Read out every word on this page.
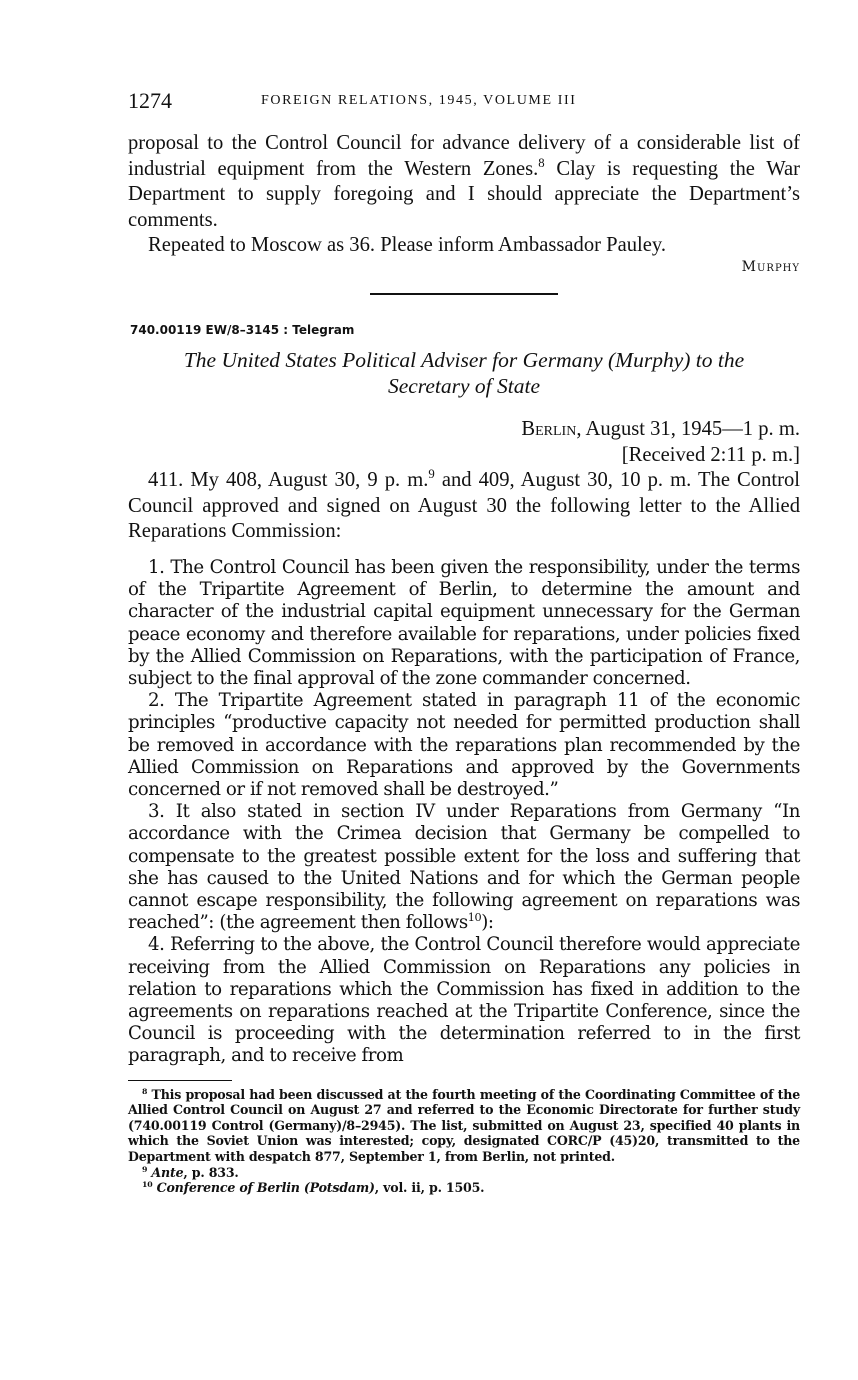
1274	FOREIGN RELATIONS, 1945, VOLUME III

proposal to the Control Council for advance delivery of a considerable list of industrial equipment from the Western Zones.$^8$ Clay is requesting the War Department to supply foregoing and I should appreciate the Department’s comments.

Repeated to Moscow as 36. Please inform Ambassador Pauley.

Murphy

740.00119 EW/8–3145 : Telegram

The United States Political Adviser for Germany (Murphy) to the
Secretary of State

Berlin, August 31, 1945—1 p. m.
[Received 2:11 p. m.]

411. My 408, August 30, 9 p. m.$^9$ and 409, August 30, 10 p. m. The Control Council approved and signed on August 30 the following letter to the Allied Reparations Commission:

1. The Control Council has been given the responsibility, under the terms of the Tripartite Agreement of Berlin, to determine the amount and character of the industrial capital equipment unnecessary for the German peace economy and therefore available for reparations, under policies fixed by the Allied Commission on Reparations, with the participation of France, subject to the final approval of the zone commander concerned.

2. The Tripartite Agreement stated in paragraph 11 of the economic principles “productive capacity not needed for permitted production shall be removed in accordance with the reparations plan recommended by the Allied Commission on Reparations and approved by the Governments concerned or if not removed shall be destroyed.”

3. It also stated in section IV under Reparations from Germany “In accordance with the Crimea decision that Germany be compelled to compensate to the greatest possible extent for the loss and suffering that she has caused to the United Nations and for which the German people cannot escape responsibility, the following agreement on reparations was reached”: (the agreement then follows$^{10}$):

4. Referring to the above, the Control Council therefore would appreciate receiving from the Allied Commission on Reparations any policies in relation to reparations which the Commission has fixed in addition to the agreements on reparations reached at the Tripartite Conference, since the Council is proceeding with the determination referred to in the first paragraph, and to receive from

$^8$ This proposal had been discussed at the fourth meeting of the Coordinating Committee of the Allied Control Council on August 27 and referred to the Economic Directorate for further study (740.00119 Control (Germany)/8–2945). The list, submitted on August 23, specified 40 plants in which the Soviet Union was interested; copy, designated CORC/P (45)20, transmitted to the Department with despatch 877, September 1, from Berlin, not printed.

$^9$ Ante, p. 833.

$^{10}$ Conference of Berlin (Potsdam), vol. ii, p. 1505.
